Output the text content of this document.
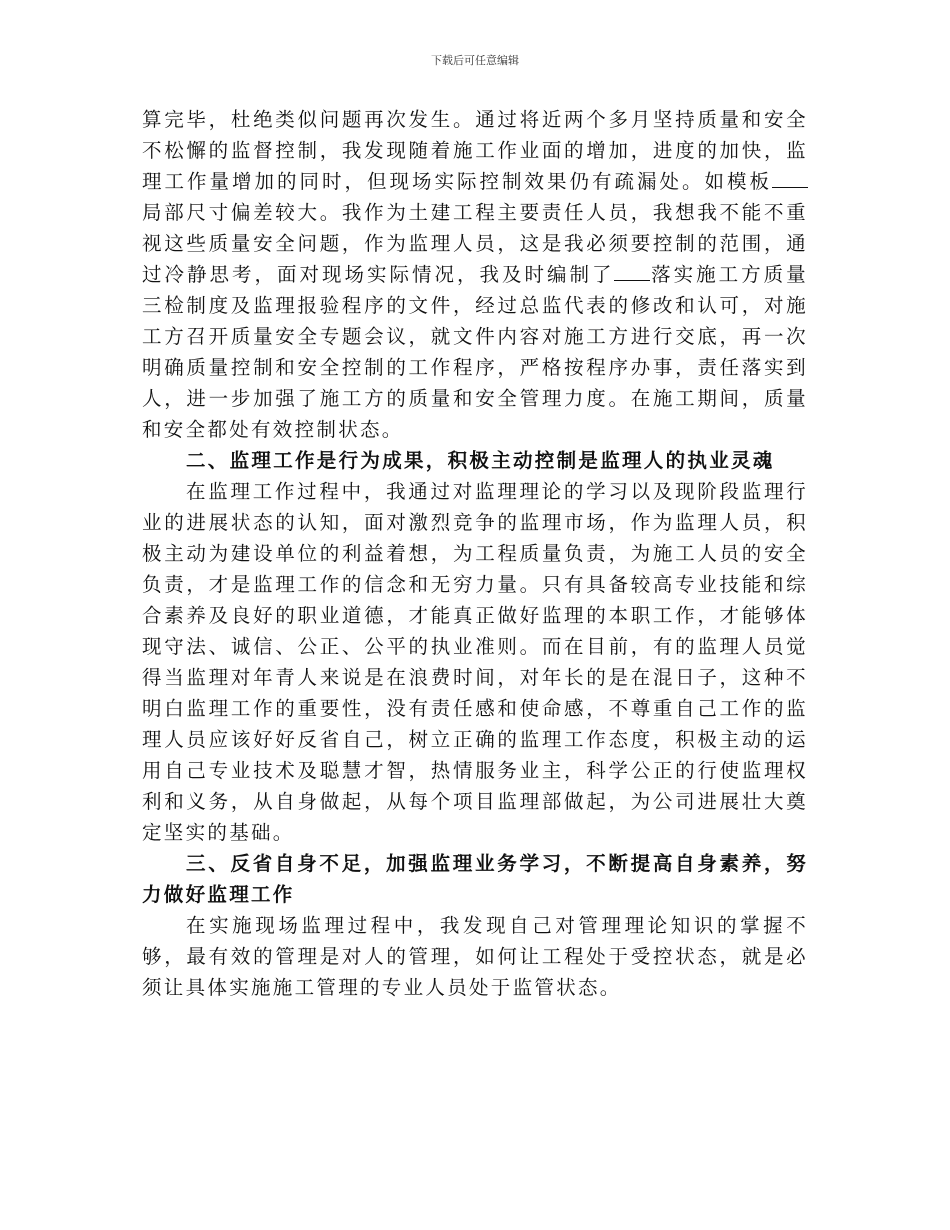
下载后可任意编辑

算完毕，杜绝类似问题再次发生。通过将近两个多月坚持质量和安全不松懈的监督控制，我发现随着施工作业面的增加，进度的加快，监理工作量增加的同时，但现场实际控制效果仍有疏漏处。如模板局部尺寸偏差较大。我作为土建工程主要责任人员，我想我不能不重视这些质量安全问题，作为监理人员，这是我必须要控制的范围，通过冷静思考，面对现场实际情况，我及时编制了 落实施工方质量三检制度及监理报验程序的文件，经过总监代表的修改和认可，对施工方召开质量安全专题会议，就文件内容对施工方进行交底，再一次明确质量控制和安全控制的工作程序，严格按程序办事，责任落实到人，进一步加强了施工方的质量和安全管理力度。在施工期间，质量和安全都处有效控制状态。

二、监理工作是行为成果，积极主动控制是监理人的执业灵魂

在监理工作过程中，我通过对监理理论的学习以及现阶段监理行业的进展状态的认知，面对激烈竞争的监理市场，作为监理人员，积极主动为建设单位的利益着想，为工程质量负责，为施工人员的安全负责，才是监理工作的信念和无穷力量。只有具备较高专业技能和综合素养及良好的职业道德，才能真正做好监理的本职工作，才能够体现守法、诚信、公正、公平的执业准则。而在目前，有的监理人员觉得当监理对年青人来说是在浪费时间，对年长的是在混日子，这种不明白监理工作的重要性，没有责任感和使命感，不尊重自己工作的监理人员应该好好反省自己，树立正确的监理工作态度，积极主动的运用自己专业技术及聪慧才智，热情服务业主，科学公正的行使监理权利和义务，从自身做起，从每个项目监理部做起，为公司进展壮大奠定坚实的基础。

三、反省自身不足，加强监理业务学习，不断提高自身素养，努力做好监理工作

在实施现场监理过程中，我发现自己对管理理论知识的掌握不够，最有效的管理是对人的管理，如何让工程处于受控状态，就是必须让具体实施施工管理的专业人员处于监管状态。
